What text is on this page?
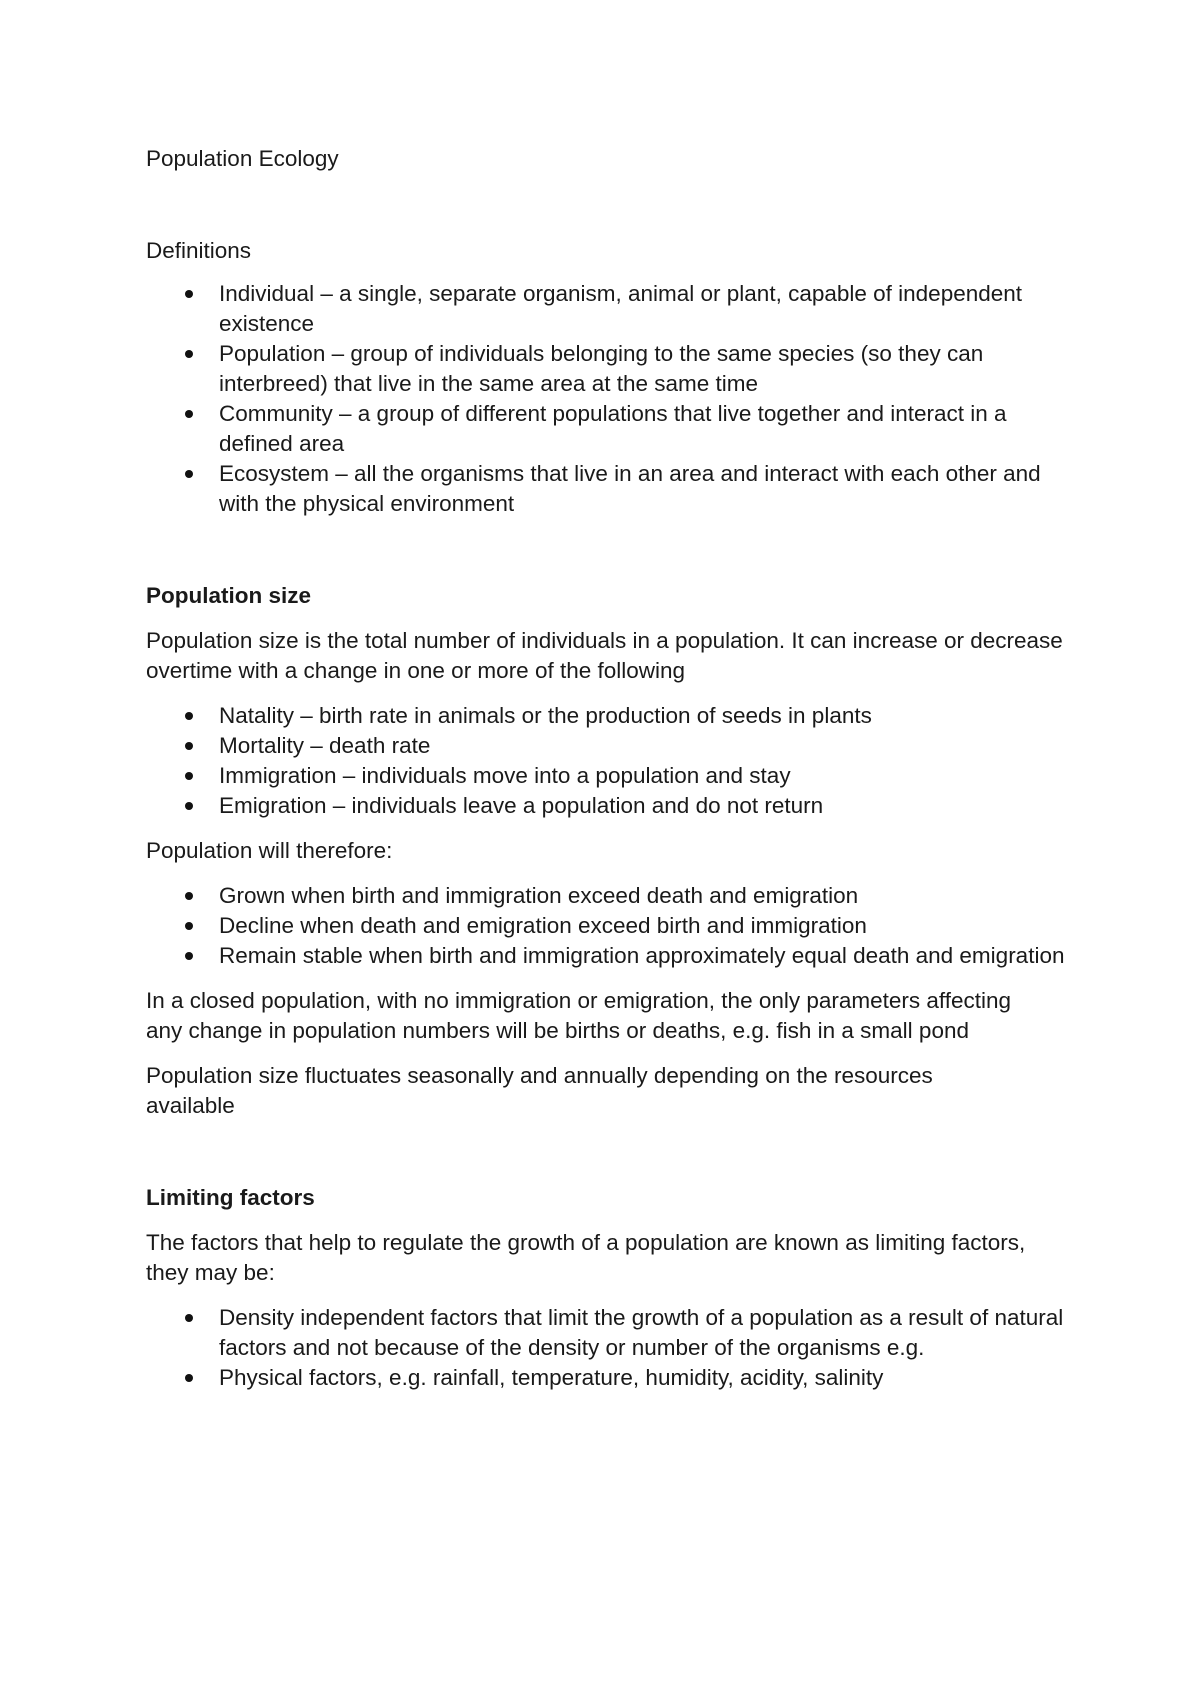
Population Ecology

Definitions

Individual – a single, separate organism, animal or plant, capable of independent existence
Population – group of individuals belonging to the same species (so they can interbreed) that live in the same area at the same time
Community – a group of different populations that live together and interact in a defined area
Ecosystem – all the organisms that live in an area and interact with each other and with the physical environment

Population size

Population size is the total number of individuals in a population. It can increase or decrease overtime with a change in one or more of the following

Natality – birth rate in animals or the production of seeds in plants
Mortality – death rate
Immigration – individuals move into a population and stay
Emigration – individuals leave a population and do not return

Population will therefore:

Grown when birth and immigration exceed death and emigration
Decline when death and emigration exceed birth and immigration
Remain stable when birth and immigration approximately equal death and emigration

In a closed population, with no immigration or emigration, the only parameters affecting any change in population numbers will be births or deaths, e.g. fish in a small pond

Population size fluctuates seasonally and annually depending on the resources available

Limiting factors

The factors that help to regulate the growth of a population are known as limiting factors, they may be:

Density independent factors that limit the growth of a population as a result of natural factors and not because of the density or number of the organisms e.g.
Physical factors, e.g. rainfall, temperature, humidity, acidity, salinity
